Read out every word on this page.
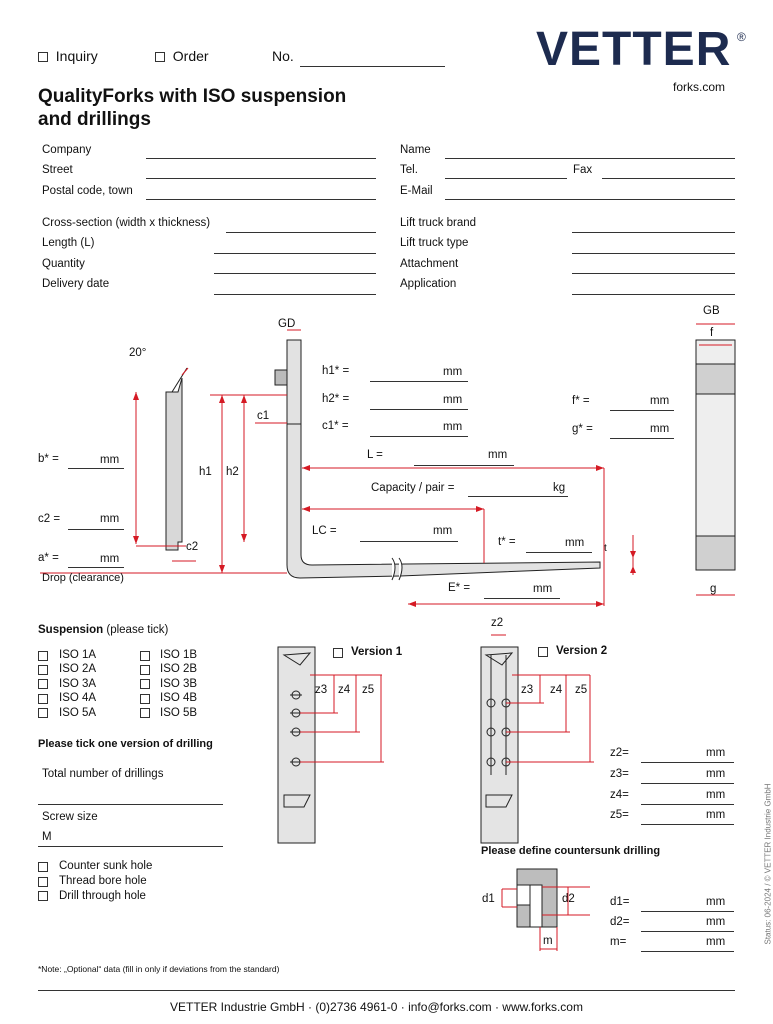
Inquiry	Order	No.	VETTER ®
forks.com
QualityForks with ISO suspension
and drillings
Company
Street
Postal code, town
Name
Tel.	Fax
E-Mail
Cross-section (width x thickness)
Length (L)
Quantity
Delivery date
Lift truck brand
Lift truck type
Attachment
Application
GD
GB
f
20°
h1* =	mm
h2* =	mm
c1* =	mm
f* =	mm
g* =	mm
L =	mm
Capacity / pair =	kg
LC =	mm
t* =	mm
E* =	mm
b* =	mm
c2 =	mm
a* =	mm
Drop (clearance)
h1 h2
c1
c2	t
g
Suspension (please tick)
ISO 1A
ISO 2A
ISO 3A
ISO 4A
ISO 5A
ISO 1B
ISO 2B
ISO 3B
ISO 4B
ISO 5B
Please tick one version of drilling
Total number of drillings
Screw size
M
Counter sunk hole
Thread bore hole
Drill through hole
Version 1	Version 2
z3 z4 z5
z2
z3 z4 z5
z2=	mm
z3=	mm
z4=	mm
z5=	mm
Please define countersunk drilling
d1	d2
m
d1=	mm
d2=	mm
m=	mm	Status: 06-2024 / © VETTER Industrie GmbH
*Note: „Optional“ data (fill in only if deviations from the standard)
VETTER Industrie GmbH · (0)2736 4961-0 · info@forks.com · www.forks.com
